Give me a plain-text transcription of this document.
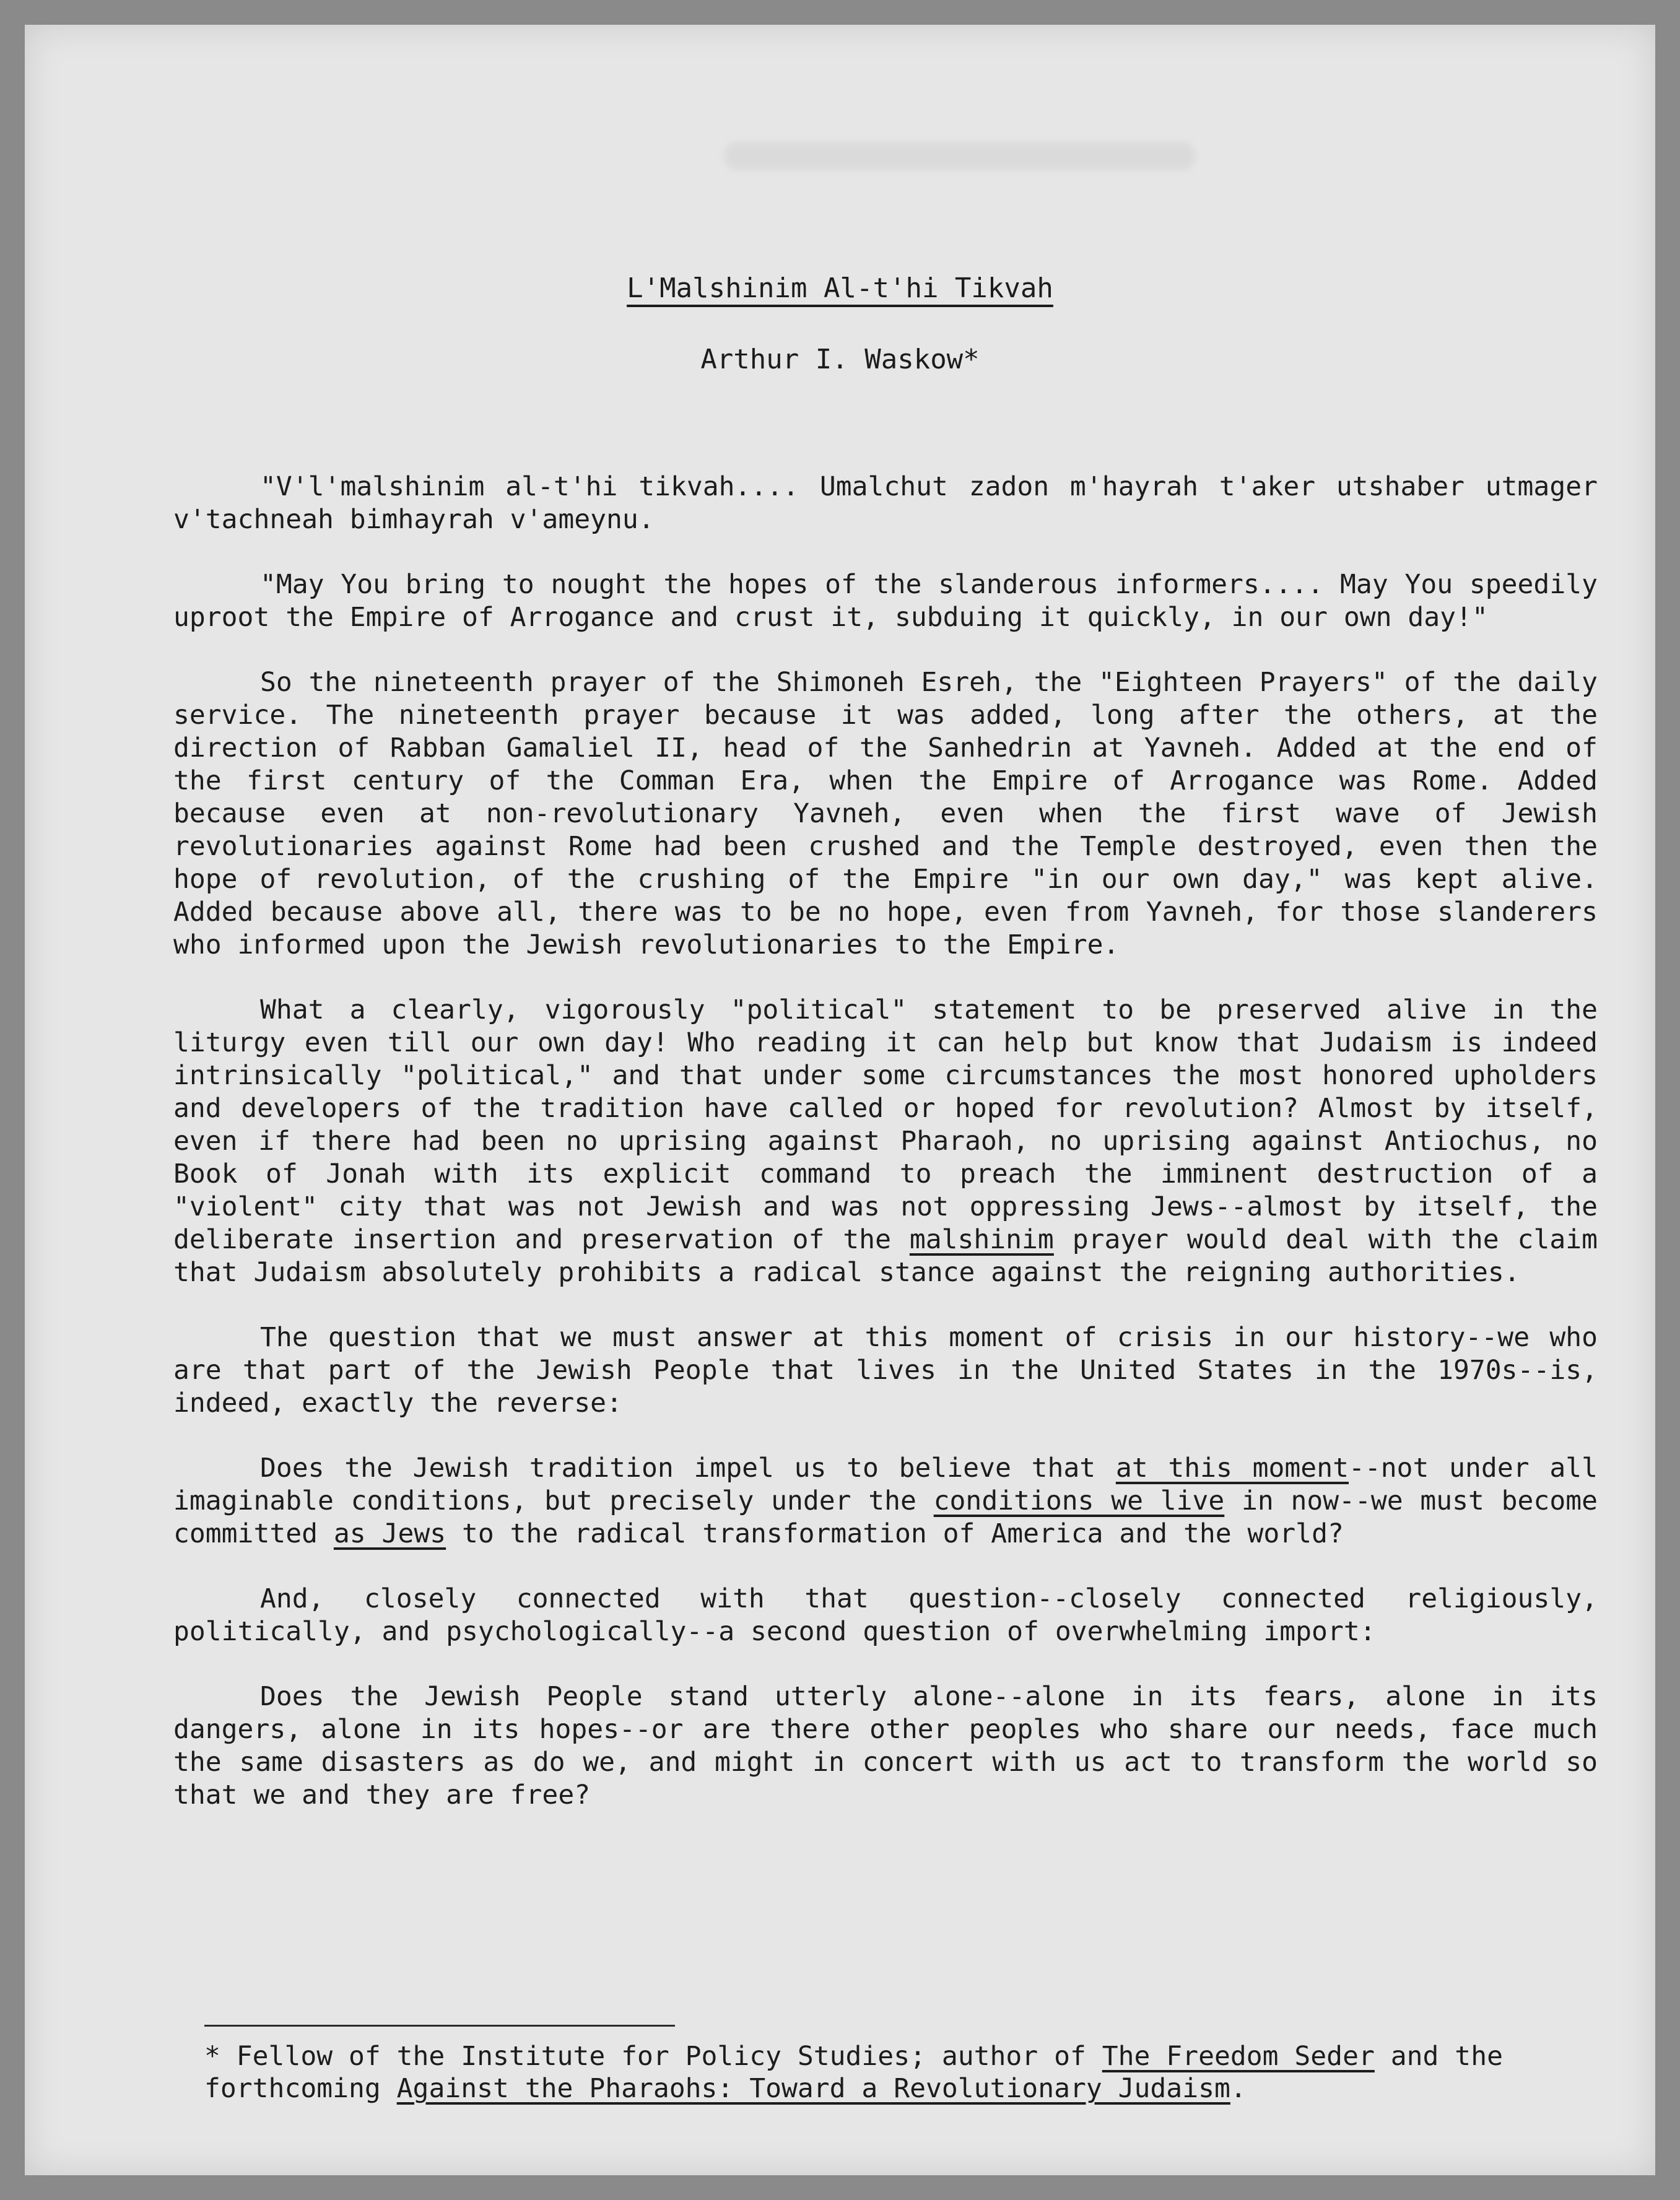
L'Malshinim Al-t'hi Tikvah
Arthur I. Waskow*

"V'l'malshinim al-t'hi tikvah.... Umalchut zadon m'hayrah t'aker utshaber utmager v'tachneah bimhayrah v'ameynu.

"May You bring to nought the hopes of the slanderous informers.... May You speedily uproot the Empire of Arrogance and crust it, subduing it quickly, in our own day!"

So the nineteenth prayer of the Shimoneh Esreh, the "Eighteen Prayers" of the daily service. The nineteenth prayer because it was added, long after the others, at the direction of Rabban Gamaliel II, head of the Sanhedrin at Yavneh. Added at the end of the first century of the Comman Era, when the Empire of Arrogance was Rome. Added because even at non-revolutionary Yavneh, even when the first wave of Jewish revolutionaries against Rome had been crushed and the Temple destroyed, even then the hope of revolution, of the crushing of the Empire "in our own day," was kept alive. Added because above all, there was to be no hope, even from Yavneh, for those slanderers who informed upon the Jewish revolutionaries to the Empire.

What a clearly, vigorously "political" statement to be preserved alive in the liturgy even till our own day! Who reading it can help but know that Judaism is indeed intrinsically "political," and that under some circumstances the most honored upholders and developers of the tradition have called or hoped for revolution? Almost by itself, even if there had been no uprising against Pharaoh, no uprising against Antiochus, no Book of Jonah with its explicit command to preach the imminent destruction of a "violent" city that was not Jewish and was not oppressing Jews--almost by itself, the deliberate insertion and preservation of the malshinim prayer would deal with the claim that Judaism absolutely prohibits a radical stance against the reigning authorities.

The question that we must answer at this moment of crisis in our history--we who are that part of the Jewish People that lives in the United States in the 1970s--is, indeed, exactly the reverse:

Does the Jewish tradition impel us to believe that at this moment--not under all imaginable conditions, but precisely under the conditions we live in now--we must become committed as Jews to the radical transformation of America and the world?

And, closely connected with that question--closely connected religiously, politically, and psychologically--a second question of overwhelming import:

Does the Jewish People stand utterly alone--alone in its fears, alone in its dangers, alone in its hopes--or are there other peoples who share our needs, face much the same disasters as do we, and might in concert with us act to transform the world so that we and they are free?

* Fellow of the Institute for Policy Studies; author of The Freedom Seder and the forthcoming Against the Pharaohs: Toward a Revolutionary Judaism.
